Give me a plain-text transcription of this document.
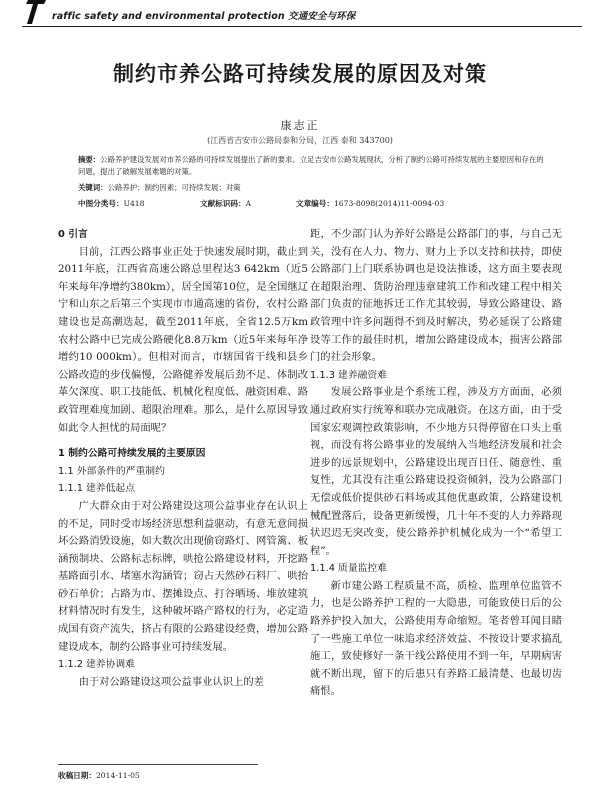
raffic safety and environmental protection 交通安全与环保
制约市养公路可持续发展的原因及对策
康志正
(江西省吉安市公路局泰和分局，江西 泰和 343700)
摘要：公路养护建设发展对市养公路的可持续发展提出了新的要求。立足吉安市公路发展现状，分析了制约公路可持续发展的主要原因和存在的问题，提出了破解发展难题的对策。
关键词：公路养护；制约因素；可持续发展；对策
中图分类号：U418	文献标识码：A	文章编号：1673-8098(2014)11-0094-03
0 引言

目前，江西公路事业正处于快速发展时期，截止到2011年底，江西省高速公路总里程达3 642km（近5年来每年净增约380km），居全国第10位，是全国继辽宁和山东之后第三个实现市市通高速的省份，农村公路建设也是高潮迭起，截至2011年底，全省12.5万km农村公路中已完成公路硬化8.8万km（近5年来每年净增约10 000km）。但相对而言，市辖国省干线和县乡公路改造的步伐偏慢，公路健养发展后劲不足、体制改革欠深度、职工技能低、机械化程度低、融资困难、路政管理难度加剧、超限治理难。那么，是什么原因导致如此令人担忧的局面呢？

1 制约公路可持续发展的主要原因
1.1 外部条件的严重制约
1.1.1 建养低起点

广大群众由于对公路建设这项公益事业存在认识上的不足，同时受市场经济思想利益驱动，有意无意间损坏公路消毁设施，如大数次出现偷窃路灯、网管篱、板涵预制块、公路标志标牌，哄抢公路建设材料，开挖路基路面引水、堵塞水沟涵管；窃占天然砂石料厂、哄抬砂石单价；占路为市、摆摊设点、打谷晒场、堆放建筑材料情况时有发生，这种破坏路产路权的行为，必定造成国有资产流失，挤占有限的公路建设经费，增加公路建设成本，制约公路事业可持续发展。

1.1.2 建养协调难

由于对公路建设这项公益事业认识上的差

距，不少部门认为养好公路是公路部门的事，与自己无关，没有在人力、物力、财力上予以支持和扶持，即使公路部门上门联系协调也是设法推诿，这方面主要表现在超限治理、货防治理违章建筑工作和改建工程中相关部门负责的征地拆迁工作尤其较弱，导致公路建设、路政管理中许多问题得不到及时解决，势必延误了公路建设等工作的最佳时机，增加公路建设成本，损害公路部门的社会形象。

1.1.3 建养融资难

发展公路事业是个系统工程，涉及方方面面，必须通过政府实行统筹和联办完成融资。在这方面，由于受国家宏观调控政策影响，不少地方只得停留在口头上重视，而没有将公路事业的发展纳入当地经济发展和社会进步的远景规划中，公路建设出现百日任、随意性、重复性，尤其没有注重公路建设投资倾斜，没为公路部门无偿或低价提供砂石料场或其他优惠政策，公路建设机械配置落后，设备更新缓慢，几十年不变的人力养路现状迟迟无突改变，使公路养护机械化成为一个“希望工程”。

1.1.4 质量监控难

新市建公路工程质量不高，质检、监理单位监管不力，也是公路养护工程的一大隐患，可能致使日后的公路养护投入加大，公路使用寿命缩短。笔者曾耳闻目睹了一些施工单位一味追求经济效益、不按设计要求搞乱施工，致使修好一条干线公路使用不到一年，早期病害就不断出现，留下的后患只有养路工最清楚、也最切齿痛恨。

收稿日期：2014-11-05
